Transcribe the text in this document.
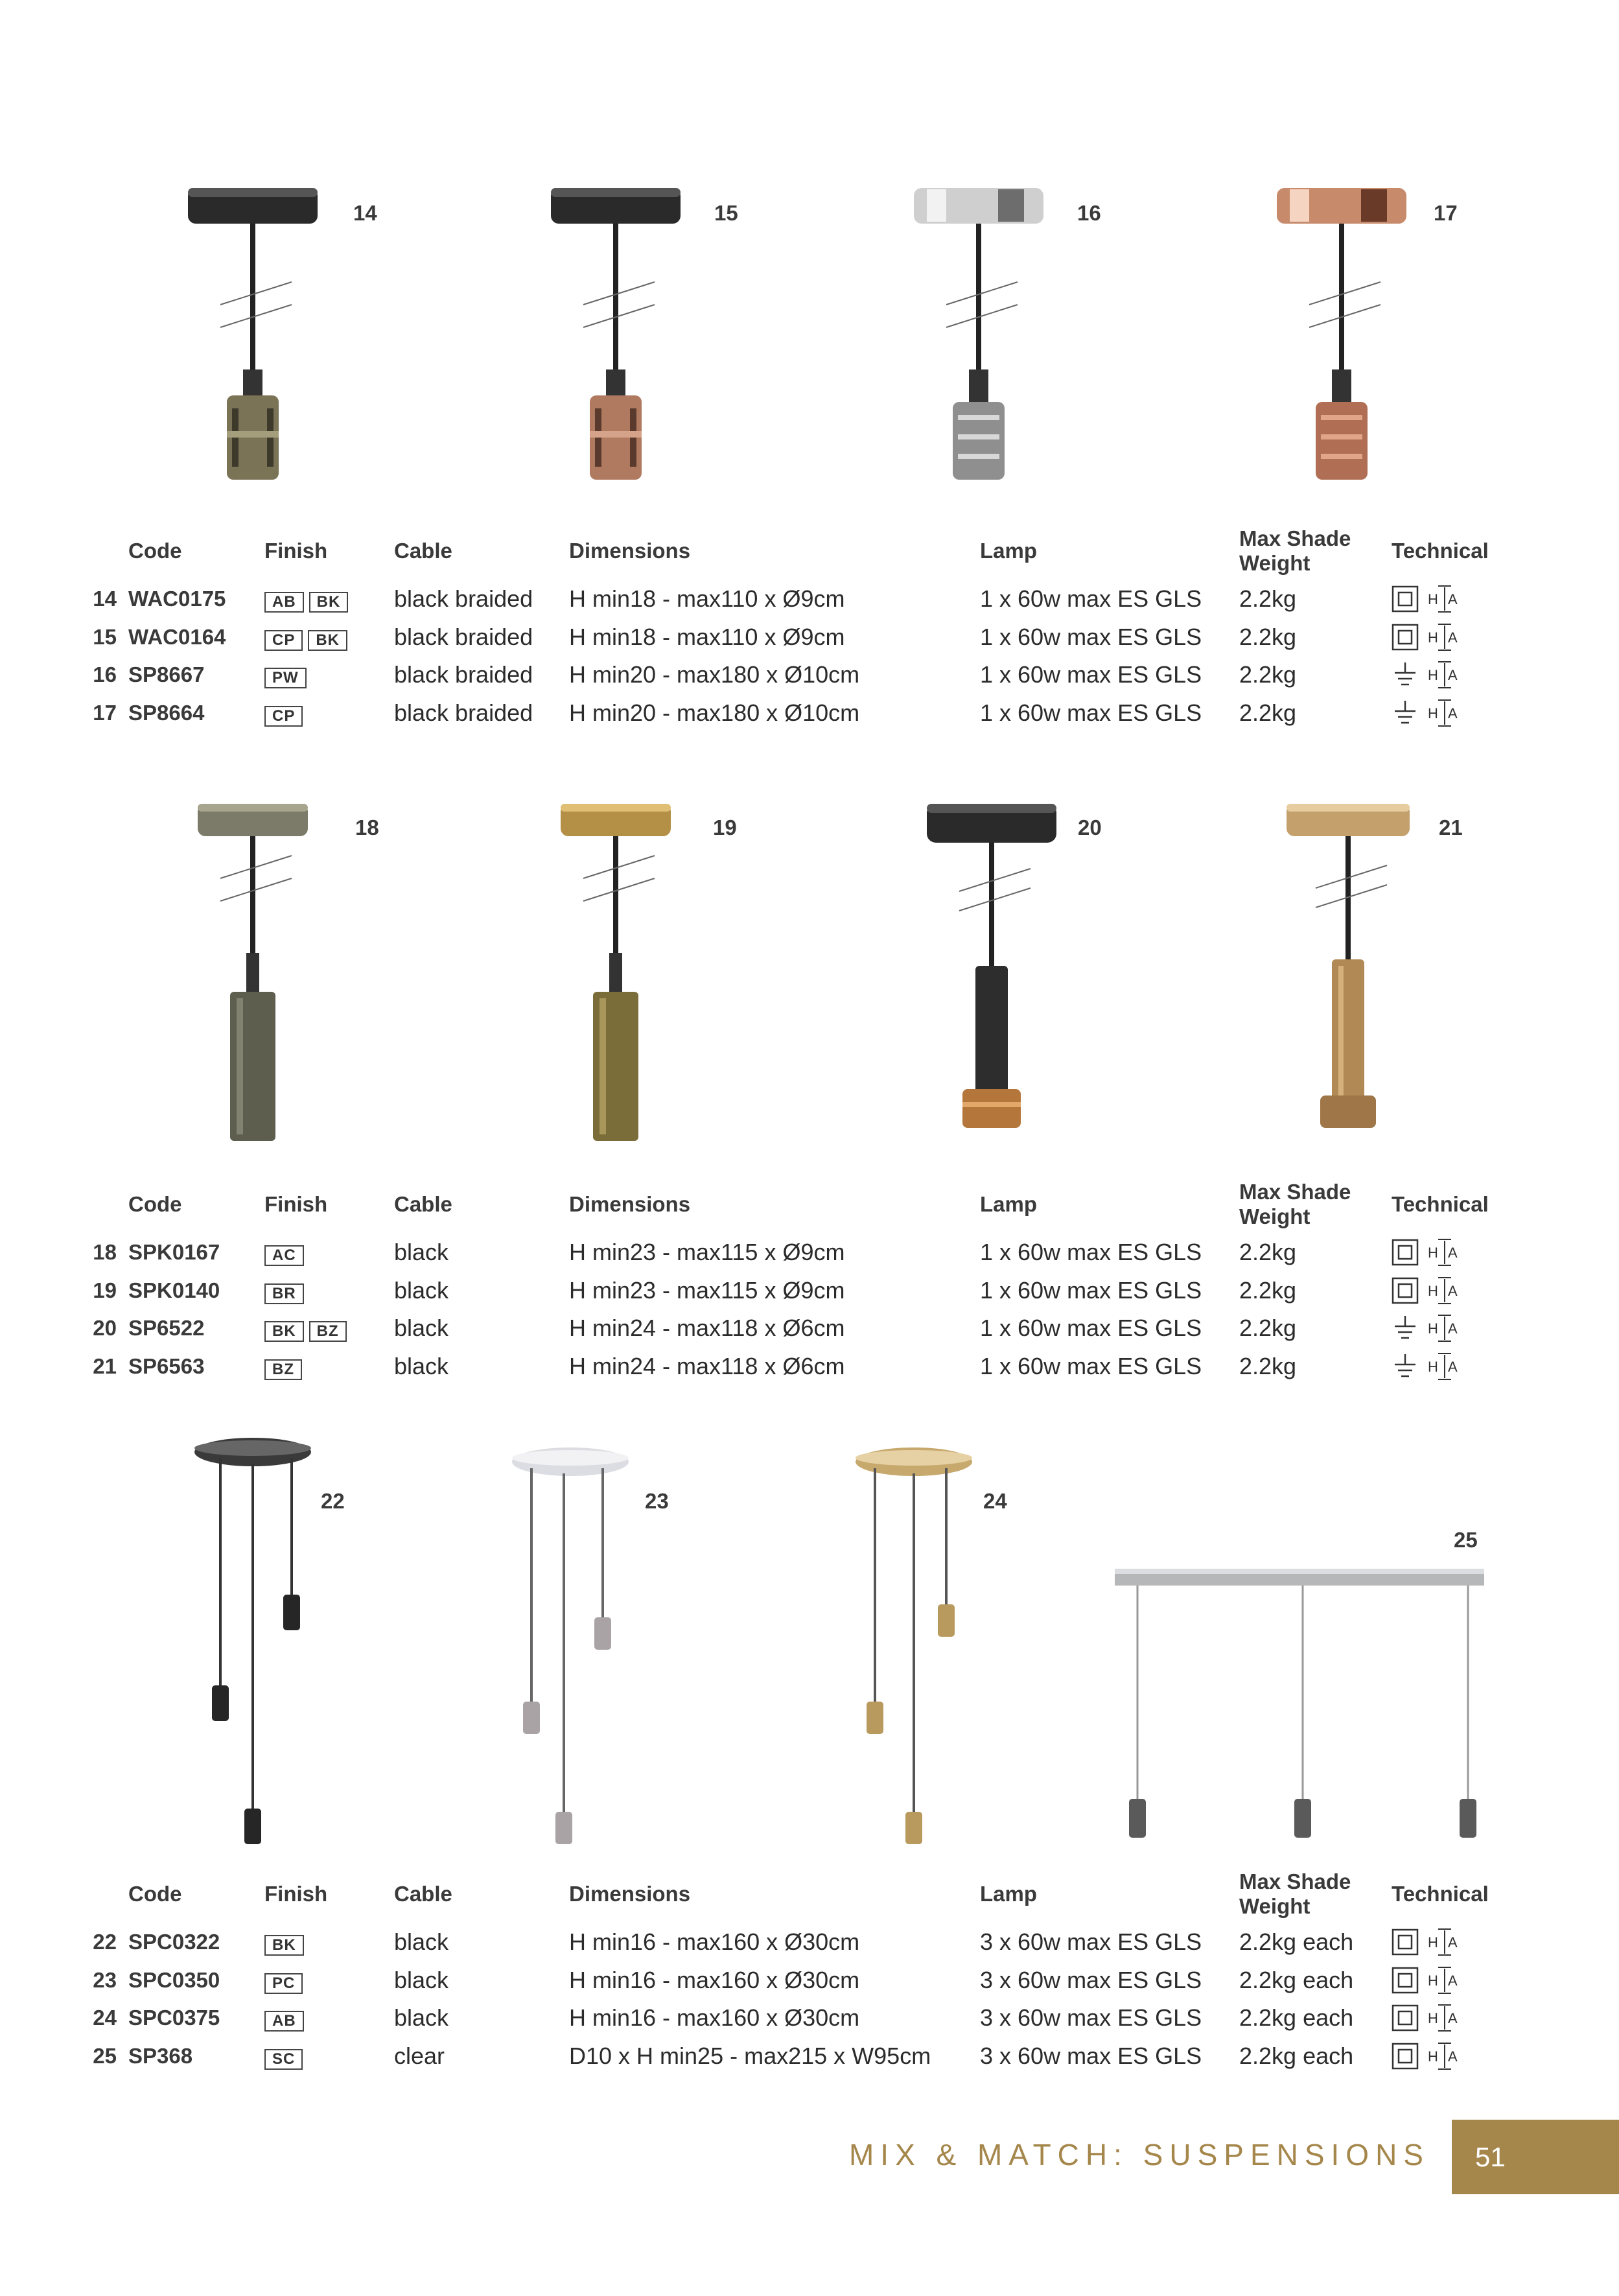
14	15	16	17
	Code	Finish	Cable	Dimensions	Lamp	Max Shade
Weight	Technical
14	WAC0175	AB BK	black braided	H min18 - max110 x Ø9cm	1 x 60w max ES GLS	2.2kg	H A

15	WAC0164	CP BK	black braided	H min18 - max110 x Ø9cm	1 x 60w max ES GLS	2.2kg	H A

16	SP8667	PW	black braided	H min20 - max180 x Ø10cm	1 x 60w max ES GLS	2.2kg	H A

17	SP8664	CP	black braided	H min20 - max180 x Ø10cm	1 x 60w max ES GLS	2.2kg	H A
18	19	20	21
	Code	Finish	Cable	Dimensions	Lamp	Max Shade
Weight	Technical
18	SPK0167	AC	black	H min23 - max115 x Ø9cm	1 x 60w max ES GLS	2.2kg	H A

19	SPK0140	BR	black	H min23 - max115 x Ø9cm	1 x 60w max ES GLS	2.2kg	H A

20	SP6522	BK BZ	black	H min24 - max118 x Ø6cm	1 x 60w max ES GLS	2.2kg	H A

21	SP6563	BZ	black	H min24 - max118 x Ø6cm	1 x 60w max ES GLS	2.2kg	H A
22	23	24
25
	Code	Finish	Cable	Dimensions	Lamp	Max Shade
Weight	Technical
22	SPC0322	BK	black	H min16 - max160 x Ø30cm	3 x 60w max ES GLS	2.2kg each	H A

23	SPC0350	PC	black	H min16 - max160 x Ø30cm	3 x 60w max ES GLS	2.2kg each	H A

24	SPC0375	AB	black	H min16 - max160 x Ø30cm	3 x 60w max ES GLS	2.2kg each	H A

25	SP368	SC	clear	D10 x H min25 - max215 x W95cm	3 x 60w max ES GLS	2.2kg each	H A
MIX & MATCH: SUSPENSIONS	51
